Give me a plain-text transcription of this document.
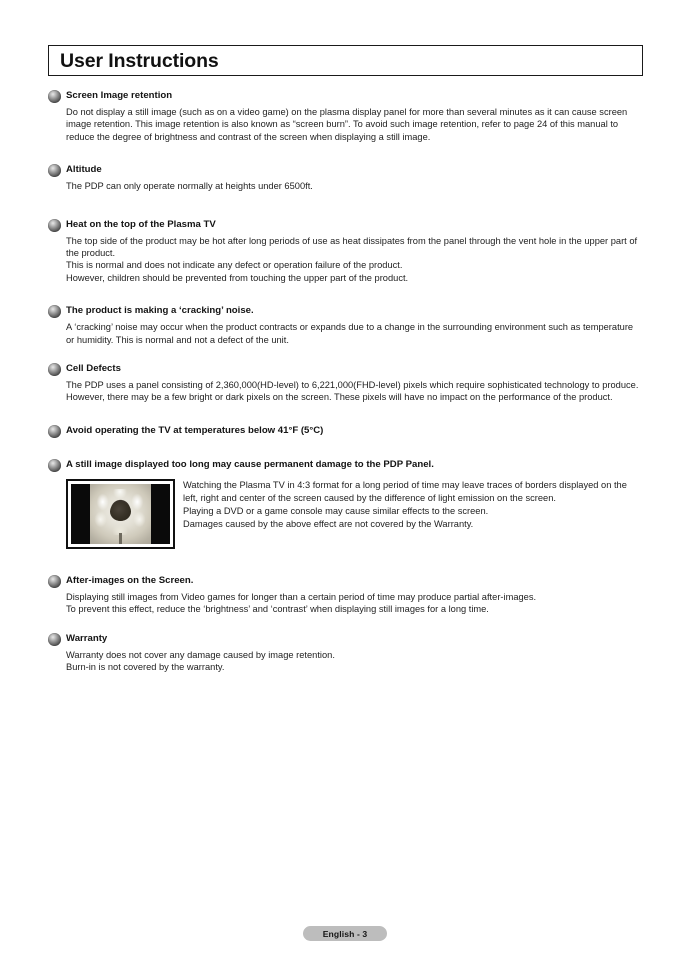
User Instructions
Screen Image retention

Do not display a still image (such as on a video game) on the plasma display panel for more than several minutes as it can cause screen image retention. This image retention is also known as “screen burn”. To avoid such image retention, refer to page 24 of this manual to reduce the degree of brightness and contrast of the screen when displaying a still image.

Altitude

The PDP can only operate normally at heights under 6500ft.

Heat on the top of the Plasma TV

The top side of the product may be hot after long periods of use as heat dissipates from the panel through the vent hole in the upper part of the product.

This is normal and does not indicate any defect or operation failure of the product.

However, children should be prevented from touching the upper part of the product.

The product is making a ‘cracking’ noise.

A ‘cracking’ noise may occur when the product contracts or expands due to a change in the surrounding environment such as temperature or humidity. This is normal and not a defect of the unit.

Cell Defects

The PDP uses a panel consisting of 2,360,000(HD-level) to 6,221,000(FHD-level) pixels which require sophisticated technology to produce. However, there may be a few bright or dark pixels on the screen. These pixels will have no impact on the performance of the product.

Avoid operating the TV at temperatures below 41°F (5°C)
A still image displayed too long may cause permanent damage to the PDP Panel.

Watching the Plasma TV in 4:3 format for a long period of time may leave traces of borders displayed on the left, right and center of the screen caused by the difference of light emission on the screen.

Playing a DVD or a game console may cause similar effects to the screen.

Damages caused by the above effect are not covered by the Warranty.

After-images on the Screen.

Displaying still images from Video games for longer than a certain period of time may produce partial after-images.

To prevent this effect, reduce the ‘brightness’ and ‘contrast’ when displaying still images for a long time.

Warranty

Warranty does not cover any damage caused by image retention.

Burn-in is not covered by the warranty.

English - 3
